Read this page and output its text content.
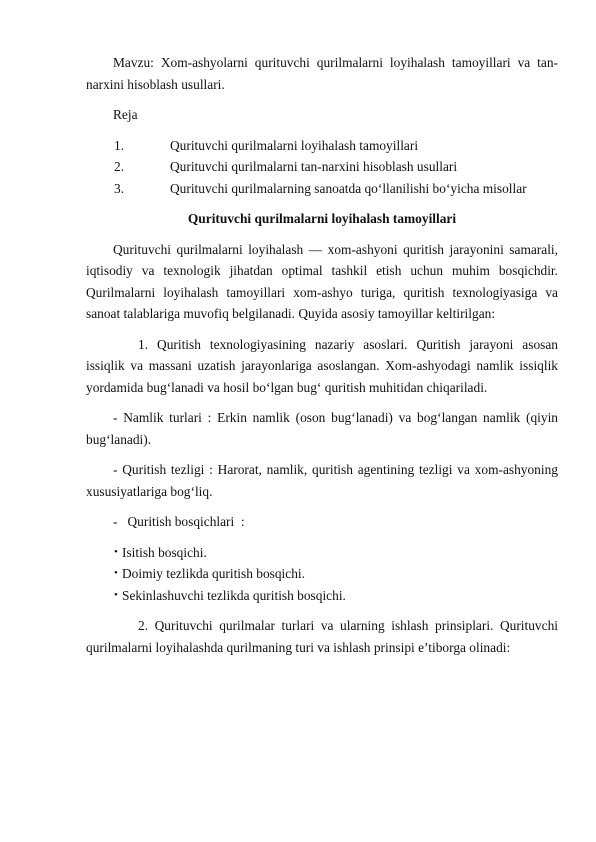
Mavzu: Xom-ashyolarni qurituvchi qurilmalarni loyihalash tamoyillari va tan-narxini hisoblash usullari.

Reja

1.	Qurituvchi qurilmalarni loyihalash tamoyillari

2.	Qurituvchi qurilmalarni tan-narxini hisoblash usullari

3.	Qurituvchi qurilmalarning sanoatda qo‘llanilishi bo‘yicha misollar

Qurituvchi qurilmalarni loyihalash tamoyillari

Qurituvchi qurilmalarni loyihalash — xom-ashyoni quritish jarayonini samarali, iqtisodiy va texnologik jihatdan optimal tashkil etish uchun muhim bosqichdir. Qurilmalarni loyihalash tamoyillari xom-ashyo turiga, quritish texnologiyasiga va sanoat talablariga muvofiq belgilanadi. Quyida asosiy tamoyillar keltirilgan:

1. Quritish texnologiyasining nazariy asoslari. Quritish jarayoni asosan issiqlik va massani uzatish jarayonlariga asoslangan. Xom-ashyodagi namlik issiqlik yordamida bug‘lanadi va hosil bo‘lgan bug‘ quritish muhitidan chiqariladi.

- Namlik turlari : Erkin namlik (oson bug‘lanadi) va bog‘langan namlik (qiyin bug‘lanadi).

- Quritish tezligi : Harorat, namlik, quritish agentining tezligi va xom-ashyoning xususiyatlariga bog‘liq.

-   Quritish bosqichlari  :

• Isitish bosqichi.

• Doimiy tezlikda quritish bosqichi.

• Sekinlashuvchi tezlikda quritish bosqichi.

2. Qurituvchi qurilmalar turlari va ularning ishlash prinsiplari. Qurituvchi qurilmalarni loyihalashda qurilmaning turi va ishlash prinsipi e’tiborga olinadi:
